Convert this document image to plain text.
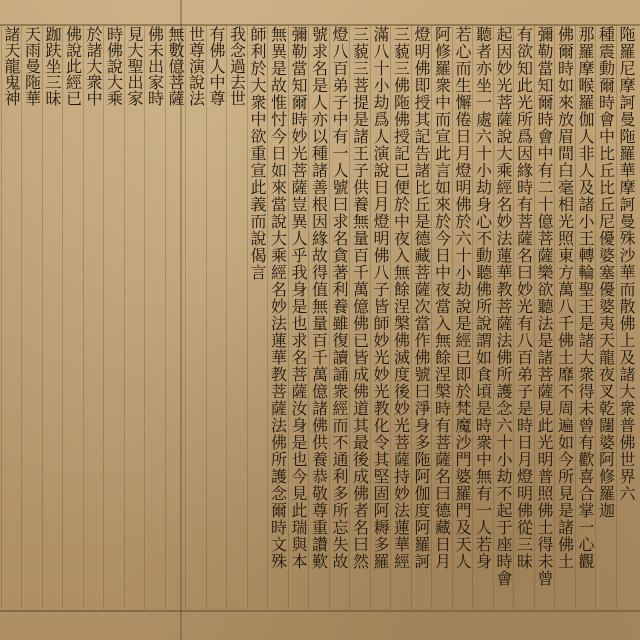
陁羅尼摩訶曼陁羅華摩訶曼殊沙華而散佛上及諸大衆普佛世界六
種震動爾時會中比丘比丘尼優婆塞優婆夷天龍夜叉乾闥婆阿修羅迦
那羅摩睺羅伽人非人及諸小王轉輪聖王是諸大衆得未曾有歡喜合掌一心觀
佛爾時如來放眉間白毫相光照東方萬八千佛土靡不周遍如今所見是諸佛土
彌勒當知爾時會中有二十億菩薩樂欲聽法是諸菩薩見此光明普照佛土得未曾
有欲知此光所爲因緣時有菩薩名曰妙光有八百弟子是時日月燈明佛從三昧
起因妙光菩薩說大乘經名妙法蓮華教菩薩法佛所護念六十小劫不起于座時會
聽者亦坐一處六十小劫身心不動聽佛所說謂如食頃是時衆中無有一人若身
若心而生懈倦日月燈明佛於六十小劫說是經已即於梵魔沙門婆羅門及天人
阿修羅衆中而宣此言如來於今日中夜當入無餘涅槃時有菩薩名曰德藏日月
燈明佛即授其記告諸比丘是德藏菩薩次當作佛號曰淨身多陁阿伽度阿羅訶
三藐三佛陁佛授記已便於中夜入無餘涅槃佛滅度後妙光菩薩持妙法蓮華經
滿八十小劫爲人演說日月燈明佛八子皆師妙光妙光教化令其堅固阿耨多羅
三藐三菩提是諸王子供養無量百千萬億佛已皆成佛道其最後成佛者名曰然
燈八百弟子中有一人號曰求名貪著利養雖復讀誦衆經而不通利多所忘失故
號求名是人亦以種諸善根因緣故得值無量百千萬億諸佛供養恭敬尊重讚歎
彌勒當知爾時妙光菩薩豈異人乎我身是也求名菩薩汝身是也今見此瑞與本
無異是故惟忖今日如來當說大乘經名妙法蓮華教菩薩法佛所護念爾時文殊
師利於大衆中欲重宣此義而說偈言
我念過去世
有佛人中尊
世尊演說法
無數億菩薩
佛未出家時
見大聖出家
時佛說大乘
於諸大衆中
佛說此經已
跏趺坐三昧
天雨曼陁華
諸天龍鬼神
